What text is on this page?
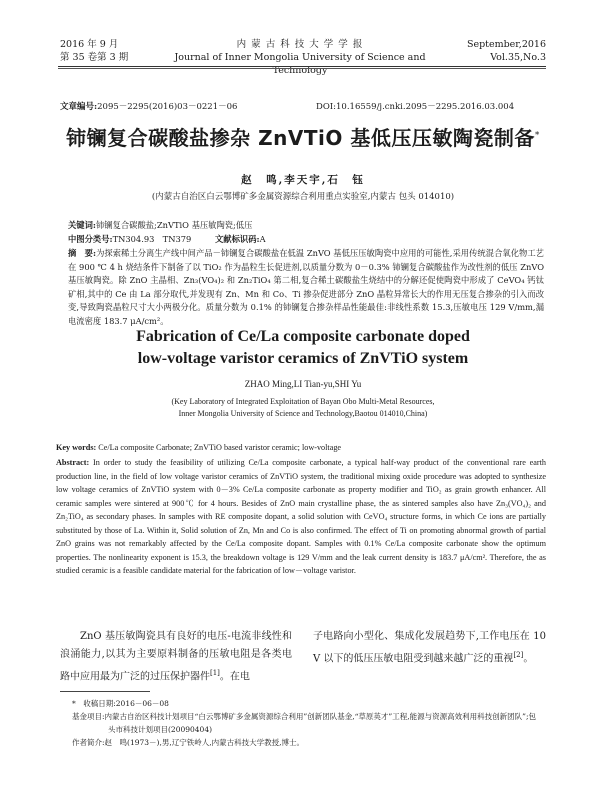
2016 年 9 月
第 35 卷第 3 期
内 蒙 古 科 技 大 学 学 报
Journal of Inner Mongolia University of Science and Technology
September,2016
Vol.35,No.3
文章编号:2095－2295(2016)03－0221－06	DOI:10.16559/j.cnki.2095－2295.2016.03.004
铈镧复合碳酸盐掺杂 ZnVTiO 基低压压敏陶瓷制备*
赵　鸣,李天宇,石　钰
(内蒙古自治区白云鄂博矿多金属资源综合利用重点实验室,内蒙古 包头 014010)
关键词:铈镧复合碳酸盐;ZnVTiO 基压敏陶瓷;低压
中图分类号:TN304.93　TN379	文献标识码:A
摘　要:为探索稀土分离生产线中间产品－铈镧复合碳酸盐在低温 ZnVO 基低压压敏陶瓷中应用的可能性,采用传统混合氧化物工艺在 900 ℃ 4 h 烧结条件下制备了以 TiO₂ 作为晶粒生长促进剂,以质量分数为 0－0.3% 铈镧复合碳酸盐作为改性剂的低压 ZnVO 基压敏陶瓷。除 ZnO 主晶相、Zn₃(VO₄)₂ 和 Zn₂TiO₄ 第二相,复合稀土碳酸盐生烧结中的分解还促使陶瓷中形成了 CeVO₄ 钙钛矿相,其中的 Ce 由 La 部分取代,并发现有 Zn、Mn 和 Co、Ti 掺杂促进部分 ZnO 晶粒异常长大的作用无压复合掺杂的引入而改变,导致陶瓷晶粒尺寸大小两极分化。质量分数为 0.1% 的铈镧复合掺杂样品性能最佳:非线性系数 15.3,压敏电压 129 V/mm,漏电流密度 183.7 μA/cm²。
Fabrication of Ce/La composite carbonate doped
low-voltage varistor ceramics of ZnVTiO system
ZHAO Ming,LI Tian-yu,SHI Yu
(Key Laboratory of Integrated Exploitation of Bayan Obo Multi-Metal Resources,
Inner Mongolia University of Science and Technology,Baotou 014010,China)
Key words: Ce/La composite Carbonate; ZnVTiO based varistor ceramic; low-voltage
Abstract: In order to study the feasibility of utilizing Ce/La composite carbonate, a typical half-way product of the conventional rare earth production line, in the field of low voltage varistor ceramics of ZnVTiO system, the traditional mixing oxide procedure was adopted to synthesize low voltage ceramics of ZnVTiO system with 0－3% Ce/La composite carbonate as property modifier and TiO₂ as grain growth enhancer. All ceramic samples were sintered at 900℃ for 4 hours. Besides of ZnO main crystalline phase, the as sintered samples also have Zn₃(VO₄)₂ and Zn₂TiO₄ as secondary phases. In samples with RE composite dopant, a solid solution with CeVO₄ structure forms, in which Ce ions are partially substituted by those of La. Within it, Solid solution of Zn, Mn and Co is also confirmed. The effect of Ti on promoting abnormal growth of partial ZnO grains was not remarkably affected by the Ce/La composite dopant. Samples with 0.1% Ce/La composite carbonate show the optimum properties. The nonlinearity exponent is 15.3, the breakdown voltage is 129 V/mm and the leak current density is 183.7 μA/cm². Therefore, the as studied ceramic is a feasible candidate material for the fabrication of low－voltage varistor.
ZnO 基压敏陶瓷具有良好的电压-电流非线性和浪涌能力,以其为主要原料制备的压敏电阻是各类电路中应用最为广泛的过压保护器件[1]。在电
子电路向小型化、集成化发展趋势下,工作电压在 10 V 以下的低压压敏电阻受到越来越广泛的重视[2]。
*　收稿日期:2016－06－08
基金项目:内蒙古自治区科技计划项目“白云鄂博矿多金属资源综合利用”创新团队基金,“草原英才”工程,能源与资源高效利用科技创新团队”;包
头市科技计划项目(20090404)
作者简介:赵　鸣(1973－),男,辽宁铁岭人,内蒙古科技大学教授,博士。
